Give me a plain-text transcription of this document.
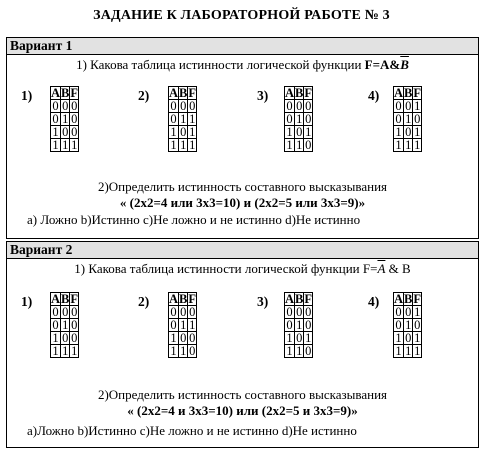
ЗАДАНИЕ К ЛАБОРАТОРНОЙ РАБОТЕ № 3
Вариант 1
1) Какова таблица истинности логической функции $F=A\&\overline{B}$
1) A	B	F
0	0	0
0	1	0
1	0	0
1	1	1
2) A	B	F
0	0	0
0	1	1
1	0	1
1	1	1
3) A	B	F
0	0	0
0	1	0
1	0	1
1	1	0
4) A	B	F
0	0	1
0	1	0
1	0	1
1	1	1
2)Определить истинность составного высказывания
« (2х2=4 или 3х3=10) и (2х2=5 или 3х3=9)»
a) Ложно b)Истинно c)Не ложно и не истинно d)Не истинно
Вариант 2
1) Какова таблица истинности логической функции $F=\overline{A}$ & B
1) A	B	F
0	0	0
0	1	0
1	0	0
1	1	1
2) A	B	F
0	0	0
0	1	1
1	0	0
1	1	0
3) A	B	F
0	0	0
0	1	0
1	0	1
1	1	0
4) A	B	F
0	0	1
0	1	0
1	0	1
1	1	1
2)Определить истинность составного высказывания
« (2х2=4 и 3х3=10) или (2х2=5 и 3х3=9)»
a)Ложно b)Истинно c)Не ложно и не истинно d)Не истинно
